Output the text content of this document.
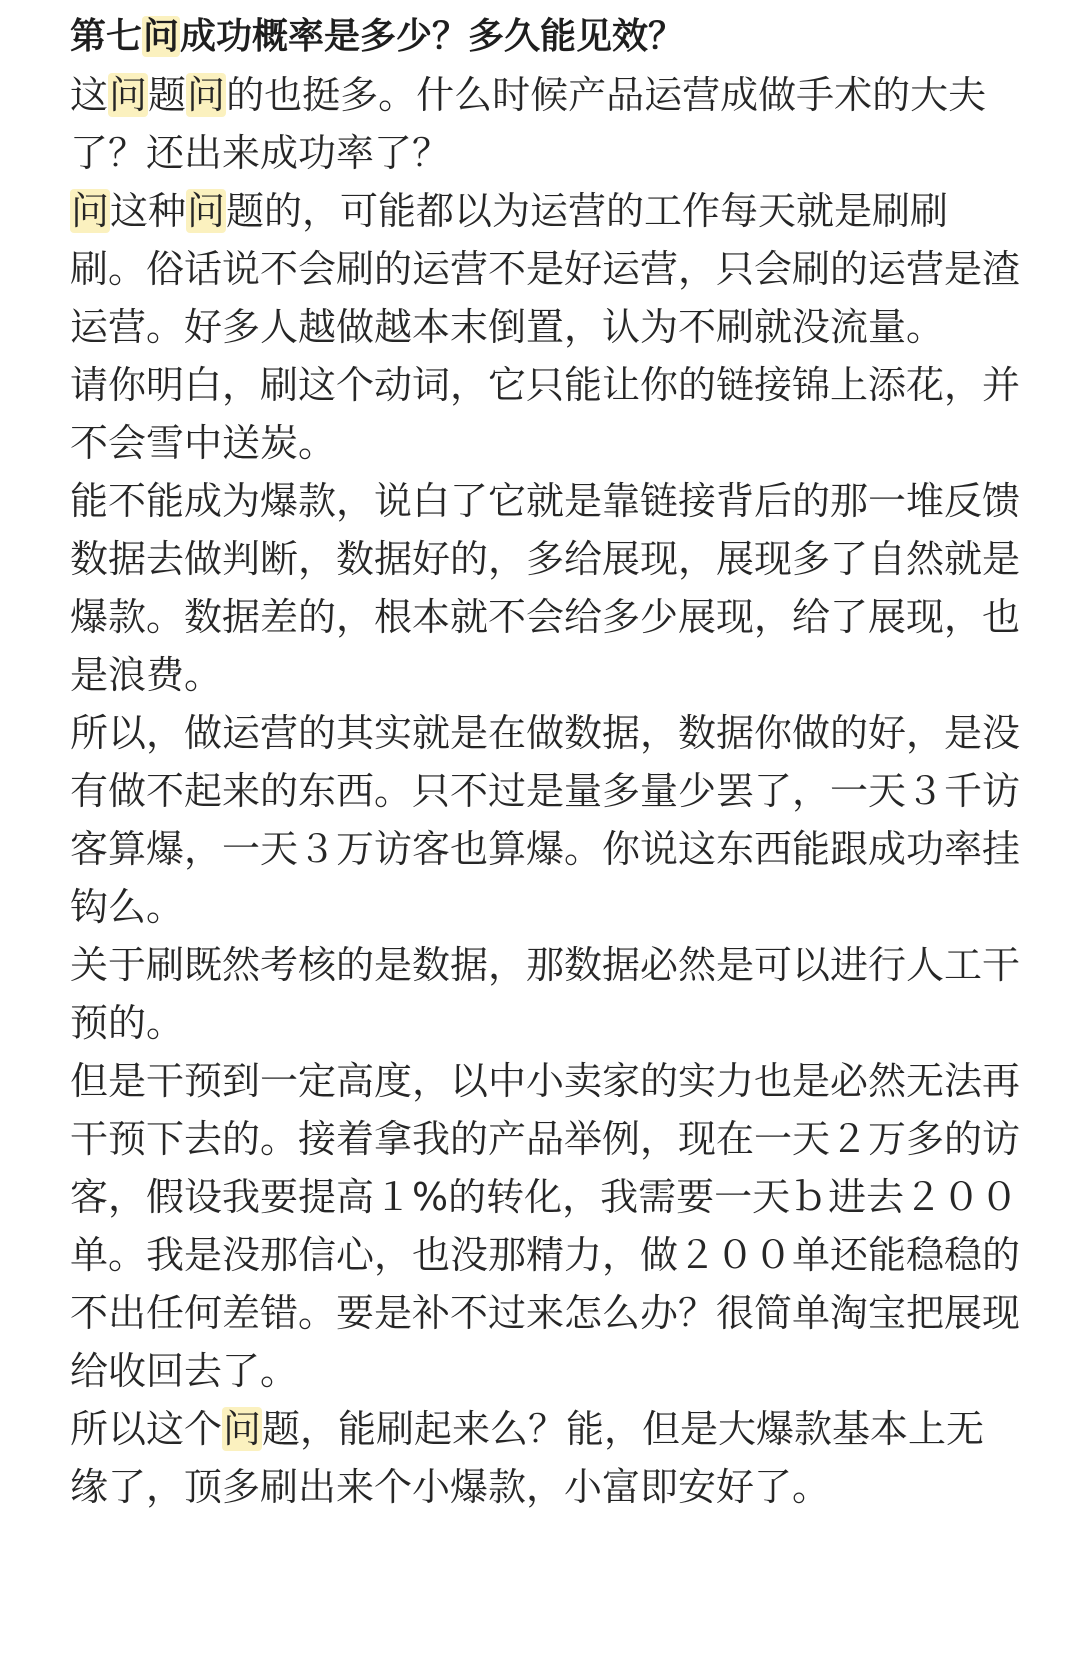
第七问成功概率是多少？多久能见效？

这问题问的也挺多。什么时候产品运营成做手术的大夫了？还出来成功率了？

问这种问题的，可能都以为运营的工作每天就是刷刷刷。俗话说不会刷的运营不是好运营，只会刷的运营是渣运营。好多人越做越本末倒置，认为不刷就没流量。

请你明白，刷这个动词，它只能让你的链接锦上添花，并不会雪中送炭。

能不能成为爆款，说白了它就是靠链接背后的那一堆反馈数据去做判断，数据好的，多给展现，展现多了自然就是爆款。数据差的，根本就不会给多少展现，给了展现，也是浪费。

所以，做运营的其实就是在做数据，数据你做的好，是没有做不起来的东西。只不过是量多量少罢了，一天３千访客算爆，一天３万访客也算爆。你说这东西能跟成功率挂钩么。

关于刷既然考核的是数据，那数据必然是可以进行人工干预的。

但是干预到一定高度，以中小卖家的实力也是必然无法再干预下去的。接着拿我的产品举例，现在一天２万多的访客，假设我要提高１%的转化，我需要一天ｂ进去２００单。我是没那信心，也没那精力，做２００单还能稳稳的不出任何差错。要是补不过来怎么办？很简单淘宝把展现给收回去了。

所以这个问题，能刷起来么？能，但是大爆款基本上无缘了，顶多刷出来个小爆款，小富即安好了。
